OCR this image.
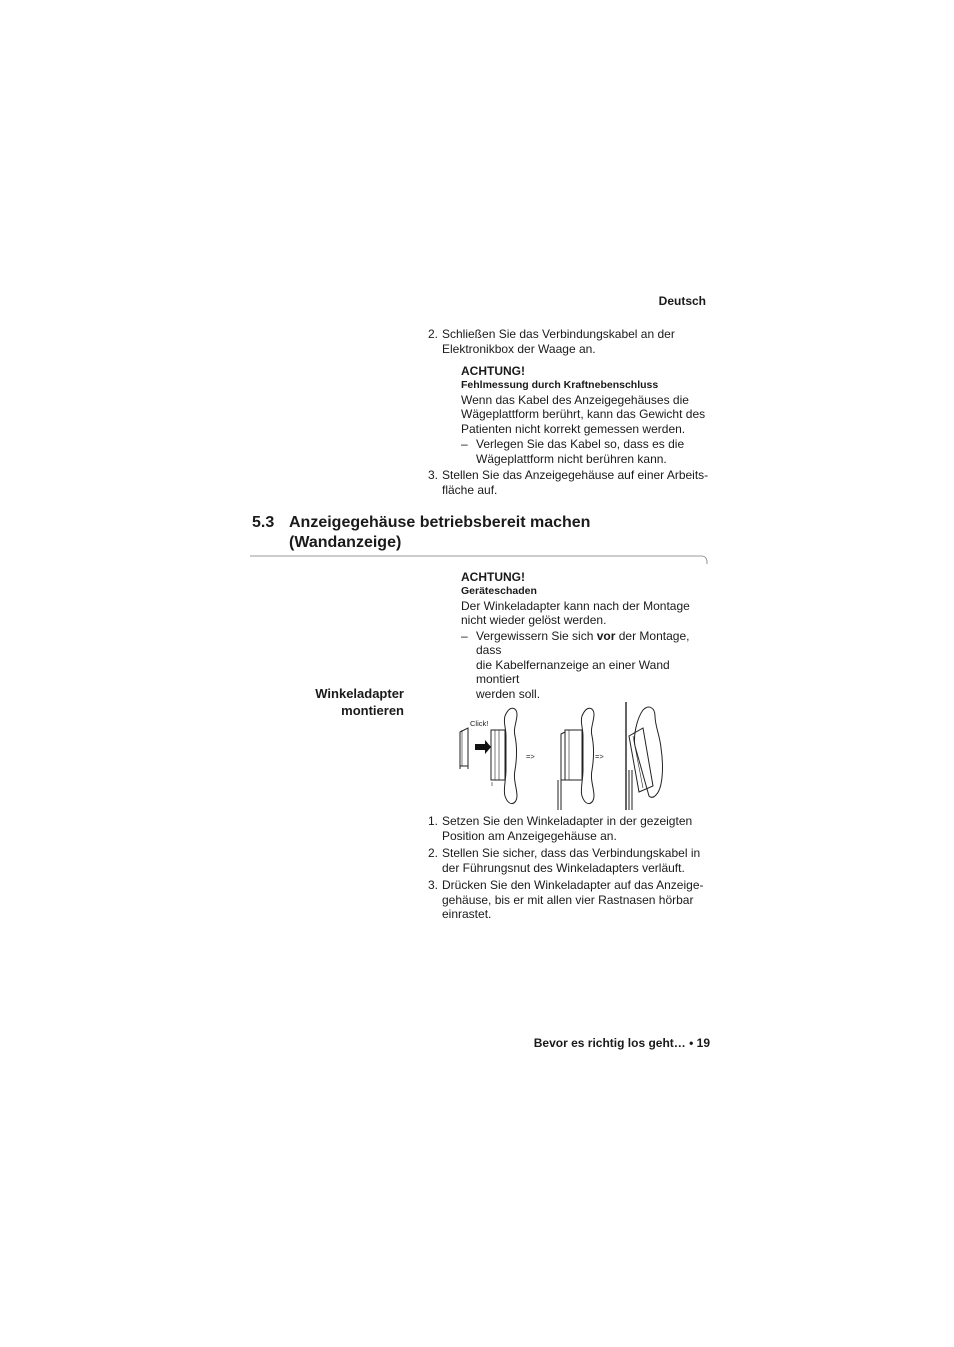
Deutsch
2. Schließen Sie das Verbindungskabel an der
Elektronikbox der Waage an.
ACHTUNG!
Fehlmessung durch Kraftnebenschluss
Wenn das Kabel des Anzeigegehäuses die
Wägeplattform berührt, kann das Gewicht des
Patienten nicht korrekt gemessen werden.
– Verlegen Sie das Kabel so, dass es die
Wägeplattform nicht berühren kann.
3. Stellen Sie das Anzeigegehäuse auf einer Arbeits-
fläche auf.
5.3 Anzeigegehäuse betriebsbereit machen
(Wandanzeige)
ACHTUNG!
Geräteschaden
Der Winkeladapter kann nach der Montage
nicht wieder gelöst werden.
– Vergewissern Sie sich vor der Montage, dass
die Kabelfernanzeige an einer Wand montiert
werden soll.
Winkeladapter
montieren
Click!
=>	=>
1. Setzen Sie den Winkeladapter in der gezeigten
Position am Anzeigegehäuse an.
2. Stellen Sie sicher, dass das Verbindungskabel in
der Führungsnut des Winkeladapters verläuft.
3. Drücken Sie den Winkeladapter auf das Anzeige-
gehäuse, bis er mit allen vier Rastnasen hörbar
einrastet.
Bevor es richtig los geht… • 19
